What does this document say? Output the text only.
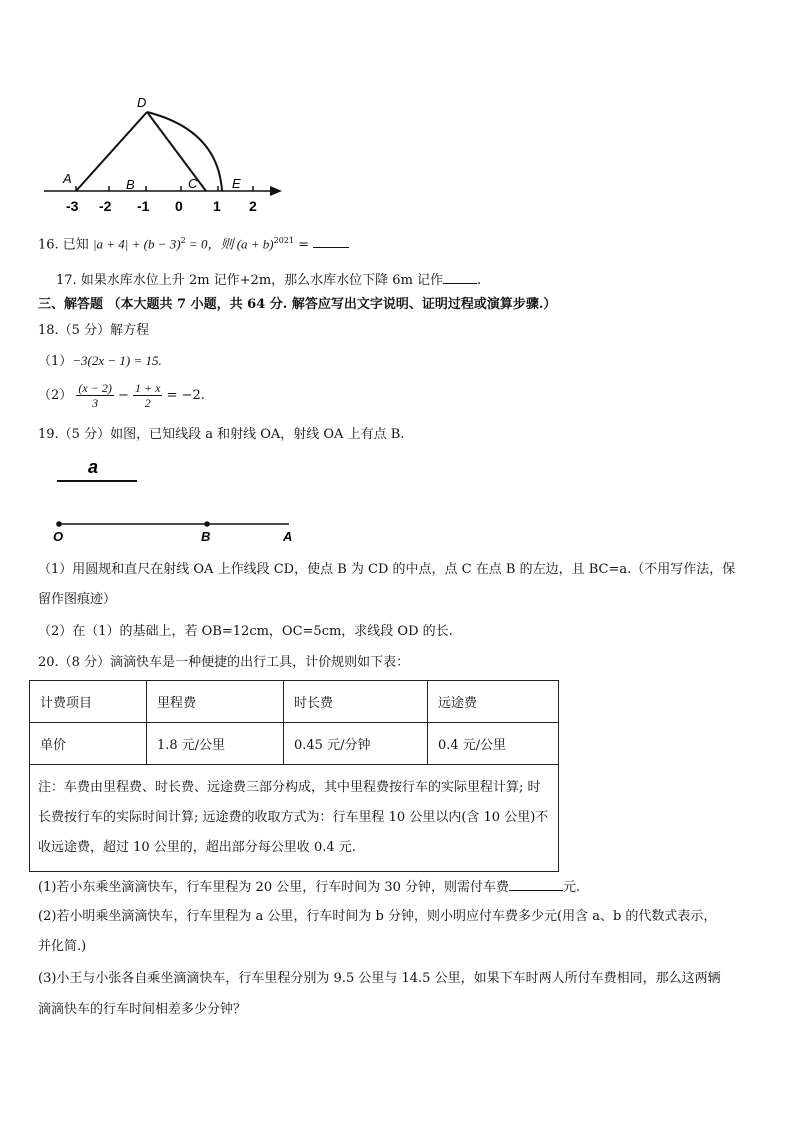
D
A	B	C	E
-3 -2 -1 0 1 2
16. 已知 $|a + 4| + (b - 3)^2 = 0$，则 $(a + b)^{2021}$ =
17. 如果水库水位上升 2m 记作+2m，那么水库水位下降 6m 记作	.
三、解答题 （本大题共 7 小题，共 64 分. 解答应写出文字说明、证明过程或演算步骤.）
18.（5 分）解方程
（1）−3(2x − 1) = 15.
$(2) \frac{(x - 2)}{3} - \frac{1 + x}{2} = -2$.
19.（5 分）如图，已知线段 a 和射线 OA，射线 OA 上有点 B.
a
O	B	A
（1）用圆规和直尺在射线 OA 上作线段 CD，使点 B 为 CD 的中点，点 C 在点 B 的左边，且 BC=a.（不用写作法，保
留作图痕迹）
（2）在（1）的基础上，若 OB=12cm，OC=5cm，求线段 OD 的长.
20.（8 分）滴滴快车是一种便捷的出行工具，计价规则如下表：
计费项目	里程费	时长费	远途费
单价	1.8 元/公里	0.45 元/分钟	0.4 元/公里
注：车费由里程费、时长费、远途费三部分构成，其中里程费按行车的实际里程计算; 时长费按行车的实际时间计算; 远途费的收取方式为：行车里程 10 公里以内(含 10 公里)不收远途费，超过 10 公里的，超出部分每公里收 0.4 元.			
(1)若小东乘坐滴滴快车，行车里程为 20 公里，行车时间为 30 分钟，则需付车费	元.
(2)若小明乘坐滴滴快车，行车里程为 a 公里，行车时间为 b 分钟，则小明应付车费多少元(用含 a、b 的代数式表示，
并化简.)
(3)小王与小张各自乘坐滴滴快车，行车里程分别为 9.5 公里与 14.5 公里，如果下车时两人所付车费相同，那么这两辆
滴滴快车的行车时间相差多少分钟？
